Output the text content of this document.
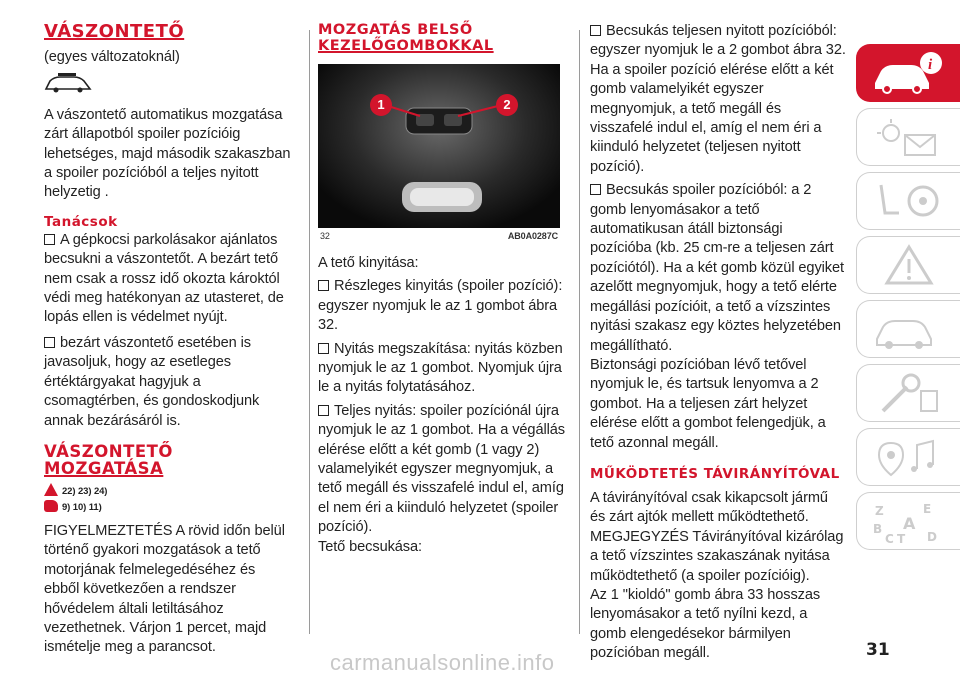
VÁSZONTETŐ

(egyes változatoknál)

A vászontető automatikus mozgatása zárt állapotból spoiler pozícióig lehetséges, majd második szakaszban a spoiler pozícióból a teljes nyitott helyzetig .

Tanácsok

A gépkocsi parkolásakor ajánlatos becsukni a vászontetőt. A bezárt tető nem csak a rossz idő okozta károktól védi meg hatékonyan az utasteret, de lopás ellen is védelmet nyújt.

bezárt vászontető esetében is javasoljuk, hogy az esetleges értéktárgyakat hagyjuk a csomagtérben, és gondoskodjunk annak bezárásáról is.

VÁSZONTETŐ
MOZGATÁSA
22) 23) 24)
9) 10) 11)

FIGYELMEZTETÉS A rövid időn belül történő gyakori mozgatások a tető motorjának felmelegedéséhez és ebből következően a rendszer hővédelem általi letiltásához vezethetnek. Várjon 1 percet, majd ismételje meg a parancsot.

MOZGATÁS BELSŐ
KEZELŐGOMBOKKAL
1	2
32	AB0A0287C

A tető kinyitása:

Részleges kinyitás (spoiler pozíció): egyszer nyomjuk le az 1 gombot ábra 32.

Nyitás megszakítása: nyitás közben nyomjuk le az 1 gombot. Nyomjuk újra le a nyitás folytatásához.

Teljes nyitás: spoiler pozíciónál újra nyomjuk le az 1 gombot. Ha a végállás elérése előtt a két gomb (1 vagy 2) valamelyikét egyszer megnyomjuk, a tető megáll és visszafelé indul el, amíg el nem éri a kiinduló helyzetet (spoiler pozíció).

Tető becsukása:

Becsukás teljesen nyitott pozícióból: egyszer nyomjuk le a 2 gombot ábra 32. Ha a spoiler pozíció elérése előtt a két gomb valamelyikét egyszer megnyomjuk, a tető megáll és visszafelé indul el, amíg el nem éri a kiinduló helyzetet (teljesen nyitott pozíció).

Becsukás spoiler pozícióból: a 2 gomb lenyomásakor a tető automatikusan átáll biztonsági pozícióba (kb. 25 cm-re a teljesen zárt pozíciótól). Ha a két gomb közül egyiket azelőtt megnyomjuk, hogy a tető elérte megállási pozícióit, a tető a vízszintes nyitási szakasz egy köztes helyzetében megállítható.

Biztonsági pozícióban lévő tetővel nyomjuk le, és tartsuk lenyomva a 2 gombot. Ha a teljesen zárt helyzet elérése előtt a gombot felengedjük, a tető azonnal megáll.

MŰKÖDTETÉS TÁVIRÁNYÍTÓVAL

A távirányítóval csak kikapcsolt jármű és zárt ajtók mellett működtethető.

MEGJEGYZÉS Távirányítóval kizárólag a tető vízszintes szakaszának nyitása működtethető (a spoiler pozícióig).

Az 1 "kioldó" gomb ábra 33 hosszas lenyomásakor a tető nyílni kezd, a gomb elengedésekor bármilyen pozícióban megáll.

i
Z	E
A
B
C T D
31
carmanualsonline.info
